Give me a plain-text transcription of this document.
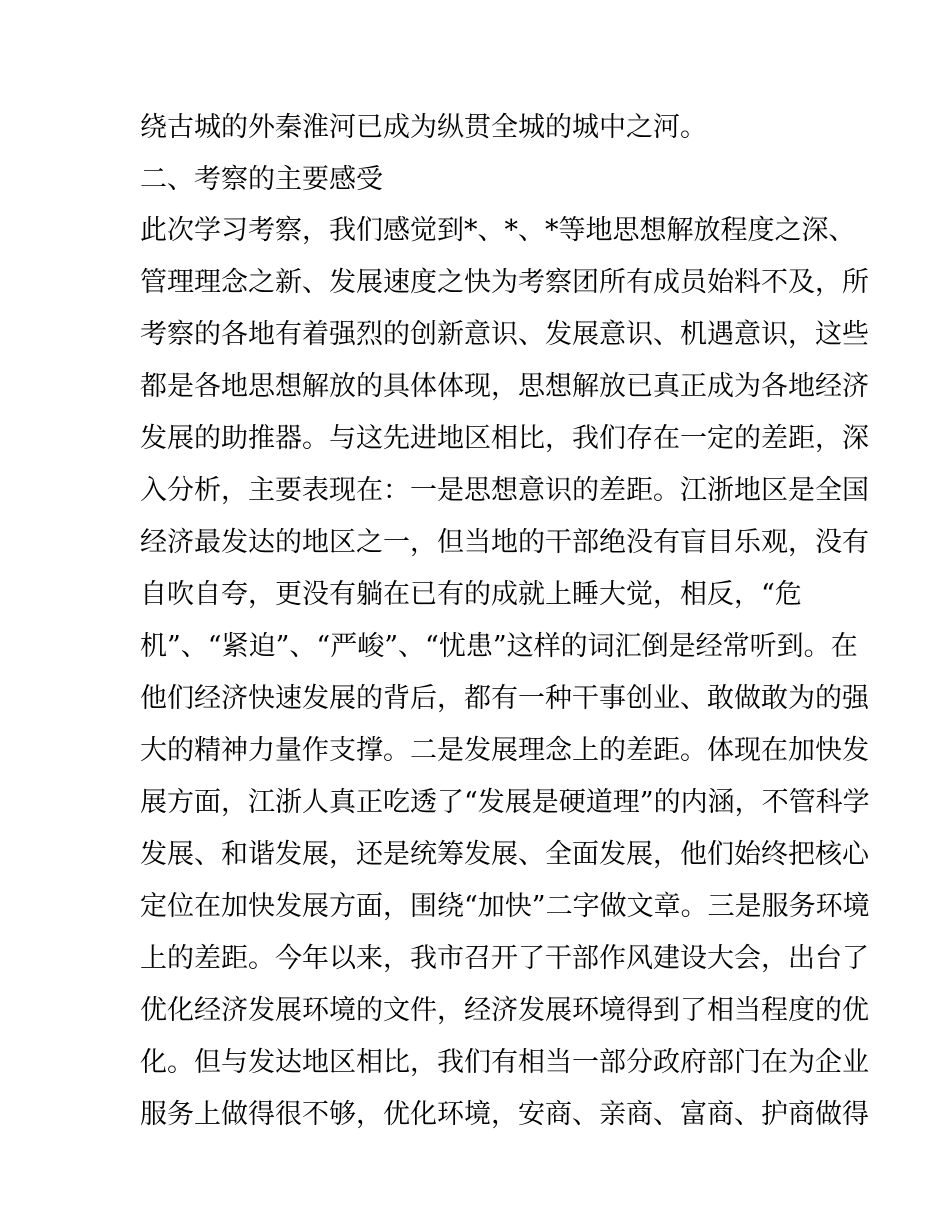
绕古城的外秦淮河已成为纵贯全城的城中之河。
二、考察的主要感受
此次学习考察，我们感觉到*、*、*等地思想解放程度之深、
管理理念之新、发展速度之快为考察团所有成员始料不及，所
考察的各地有着强烈的创新意识、发展意识、机遇意识，这些
都是各地思想解放的具体体现，思想解放已真正成为各地经济
发展的助推器。与这先进地区相比，我们存在一定的差距，深
入分析，主要表现在：一是思想意识的差距。江浙地区是全国
经济最发达的地区之一，但当地的干部绝没有盲目乐观，没有
自吹自夸，更没有躺在已有的成就上睡大觉，相反，“危
机”、“紧迫”、“严峻”、“忧患”这样的词汇倒是经常听到。在
他们经济快速发展的背后，都有一种干事创业、敢做敢为的强
大的精神力量作支撑。二是发展理念上的差距。体现在加快发
展方面，江浙人真正吃透了“发展是硬道理”的内涵，不管科学
发展、和谐发展，还是统筹发展、全面发展，他们始终把核心
定位在加快发展方面，围绕“加快”二字做文章。三是服务环境
上的差距。今年以来，我市召开了干部作风建设大会，出台了
优化经济发展环境的文件，经济发展环境得到了相当程度的优
化。但与发达地区相比，我们有相当一部分政府部门在为企业
服务上做得很不够，优化环境，安商、亲商、富商、护商做得
